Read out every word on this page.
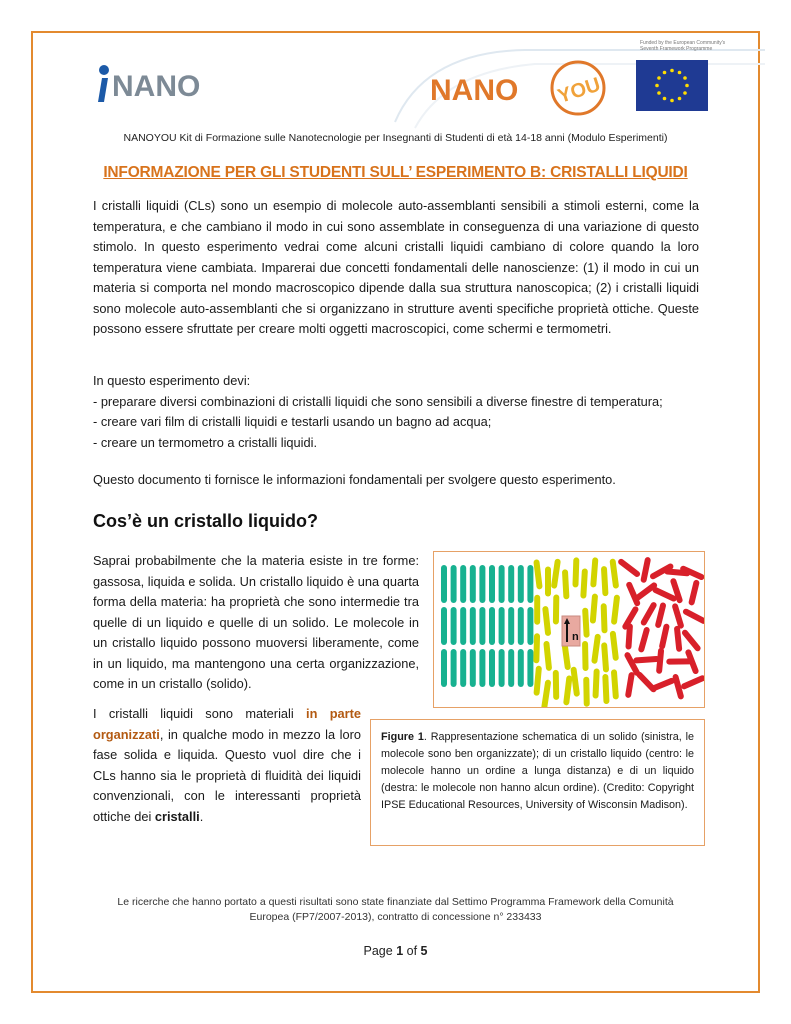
NANO	NANO YOU
Funded by the European Community's Seventh Framework Programme
NANOYOU Kit di Formazione sulle Nanotecnologie per Insegnanti di Studenti di età 14-18 anni (Modulo Esperimenti)
INFORMAZIONE PER GLI STUDENTI SULL’ ESPERIMENTO B: CRISTALLI LIQUIDI
I cristalli liquidi (CLs) sono un esempio di molecole auto-assemblanti sensibili a stimoli esterni, come la temperatura, e che cambiano il modo in cui sono assemblate in conseguenza di una variazione di questo stimolo. In questo esperimento vedrai come alcuni cristalli liquidi cambiano di colore quando la loro temperatura viene cambiata. Imparerai due concetti fondamentali delle nanoscienze: (1) il modo in cui un materia si comporta nel mondo macroscopico dipende dalla sua struttura nanoscopica; (2) i cristalli liquidi sono molecole auto-assemblanti che si organizzano in strutture aventi specifiche proprietà ottiche. Queste possono essere sfruttate per creare molti oggetti macroscopici, come schermi e termometri.
In questo esperimento devi:
- preparare diversi combinazioni di cristalli liquidi che sono sensibili a diverse finestre di temperatura;
- creare vari film di cristalli liquidi e testarli usando un bagno ad acqua;
- creare un termometro a cristalli liquidi.
Questo documento ti fornisce le informazioni fondamentali per svolgere questo esperimento.
Cos’è un cristallo liquido?
Saprai probabilmente che la materia esiste in tre forme: gassosa, liquida e solida. Un cristallo liquido è una quarta forma della materia: ha proprietà che sono intermedie tra quelle di un liquido e quelle di un solido. Le molecole in un cristallo liquido possono muoversi liberamente, come in un liquido, ma mantengono una certa organizzazione, come in un cristallo (solido).
I cristalli liquidi sono materiali in parte organizzati, in qualche modo in mezzo la loro fase solida e liquida. Questo vuol dire che i CLs hanno sia le proprietà di fluidità dei liquidi convenzionali, con le interessanti proprietà ottiche dei cristalli.
n
Figure 1. Rappresentazione schematica di un solido (sinistra, le molecole sono ben organizzate); di un cristallo liquido (centro: le molecole hanno un ordine a lunga distanza) e di un liquido (destra: le molecole non hanno alcun ordine). (Credito: Copyright IPSE Educational Resources, University of Wisconsin Madison).
Le ricerche che hanno portato a questi risultati sono state finanziate dal Settimo Programma Framework della Comunità
Europea (FP7/2007-2013), contratto di concessione n° 233433
Page 1 of 5
